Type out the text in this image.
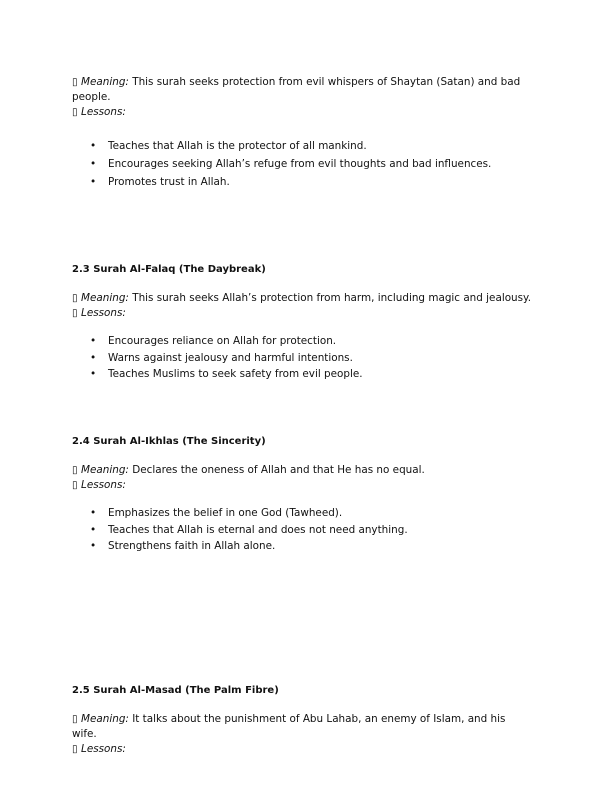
▯ Meaning: This surah seeks protection from evil whispers of Shaytan (Satan) and bad people.
▯ Lessons:
• Teaches that Allah is the protector of all mankind.
• Encourages seeking Allah’s refuge from evil thoughts and bad influences.
• Promotes trust in Allah.
2.3 Surah Al-Falaq (The Daybreak)
▯ Meaning: This surah seeks Allah’s protection from harm, including magic and jealousy.
▯ Lessons:
• Encourages reliance on Allah for protection.
• Warns against jealousy and harmful intentions.
• Teaches Muslims to seek safety from evil people.
2.4 Surah Al-Ikhlas (The Sincerity)
▯ Meaning: Declares the oneness of Allah and that He has no equal.
▯ Lessons:
• Emphasizes the belief in one God (Tawheed).
• Teaches that Allah is eternal and does not need anything.
• Strengthens faith in Allah alone.
2.5 Surah Al-Masad (The Palm Fibre)
▯ Meaning: It talks about the punishment of Abu Lahab, an enemy of Islam, and his wife.
▯ Lessons:
